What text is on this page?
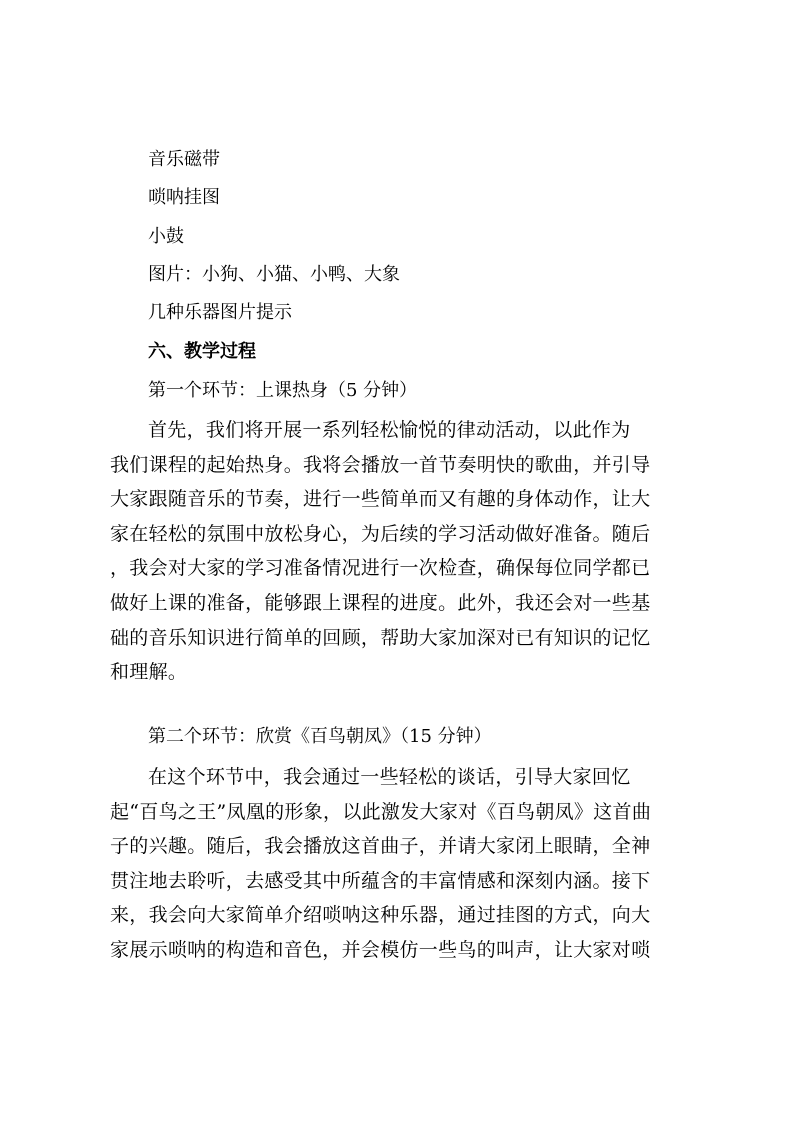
音乐磁带
唢呐挂图
小鼓
图片：小狗、小猫、小鸭、大象
几种乐器图片提示
六、教学过程
第一个环节：上课热身（5 分钟）
首先，我们将开展一系列轻松愉悦的律动活动，以此作为
我们课程的起始热身。我将会播放一首节奏明快的歌曲，并引导
大家跟随音乐的节奏，进行一些简单而又有趣的身体动作，让大
家在轻松的氛围中放松身心，为后续的学习活动做好准备。随后
，我会对大家的学习准备情况进行一次检查，确保每位同学都已
做好上课的准备，能够跟上课程的进度。此外，我还会对一些基
础的音乐知识进行简单的回顾，帮助大家加深对已有知识的记忆
和理解。
第二个环节：欣赏《百鸟朝凤》（15 分钟）
在这个环节中，我会通过一些轻松的谈话，引导大家回忆
起“百鸟之王”凤凰的形象，以此激发大家对《百鸟朝凤》这首曲
子的兴趣。随后，我会播放这首曲子，并请大家闭上眼睛，全神
贯注地去聆听，去感受其中所蕴含的丰富情感和深刻内涵。接下
来，我会向大家简单介绍唢呐这种乐器，通过挂图的方式，向大
家展示唢呐的构造和音色，并会模仿一些鸟的叫声，让大家对唢
